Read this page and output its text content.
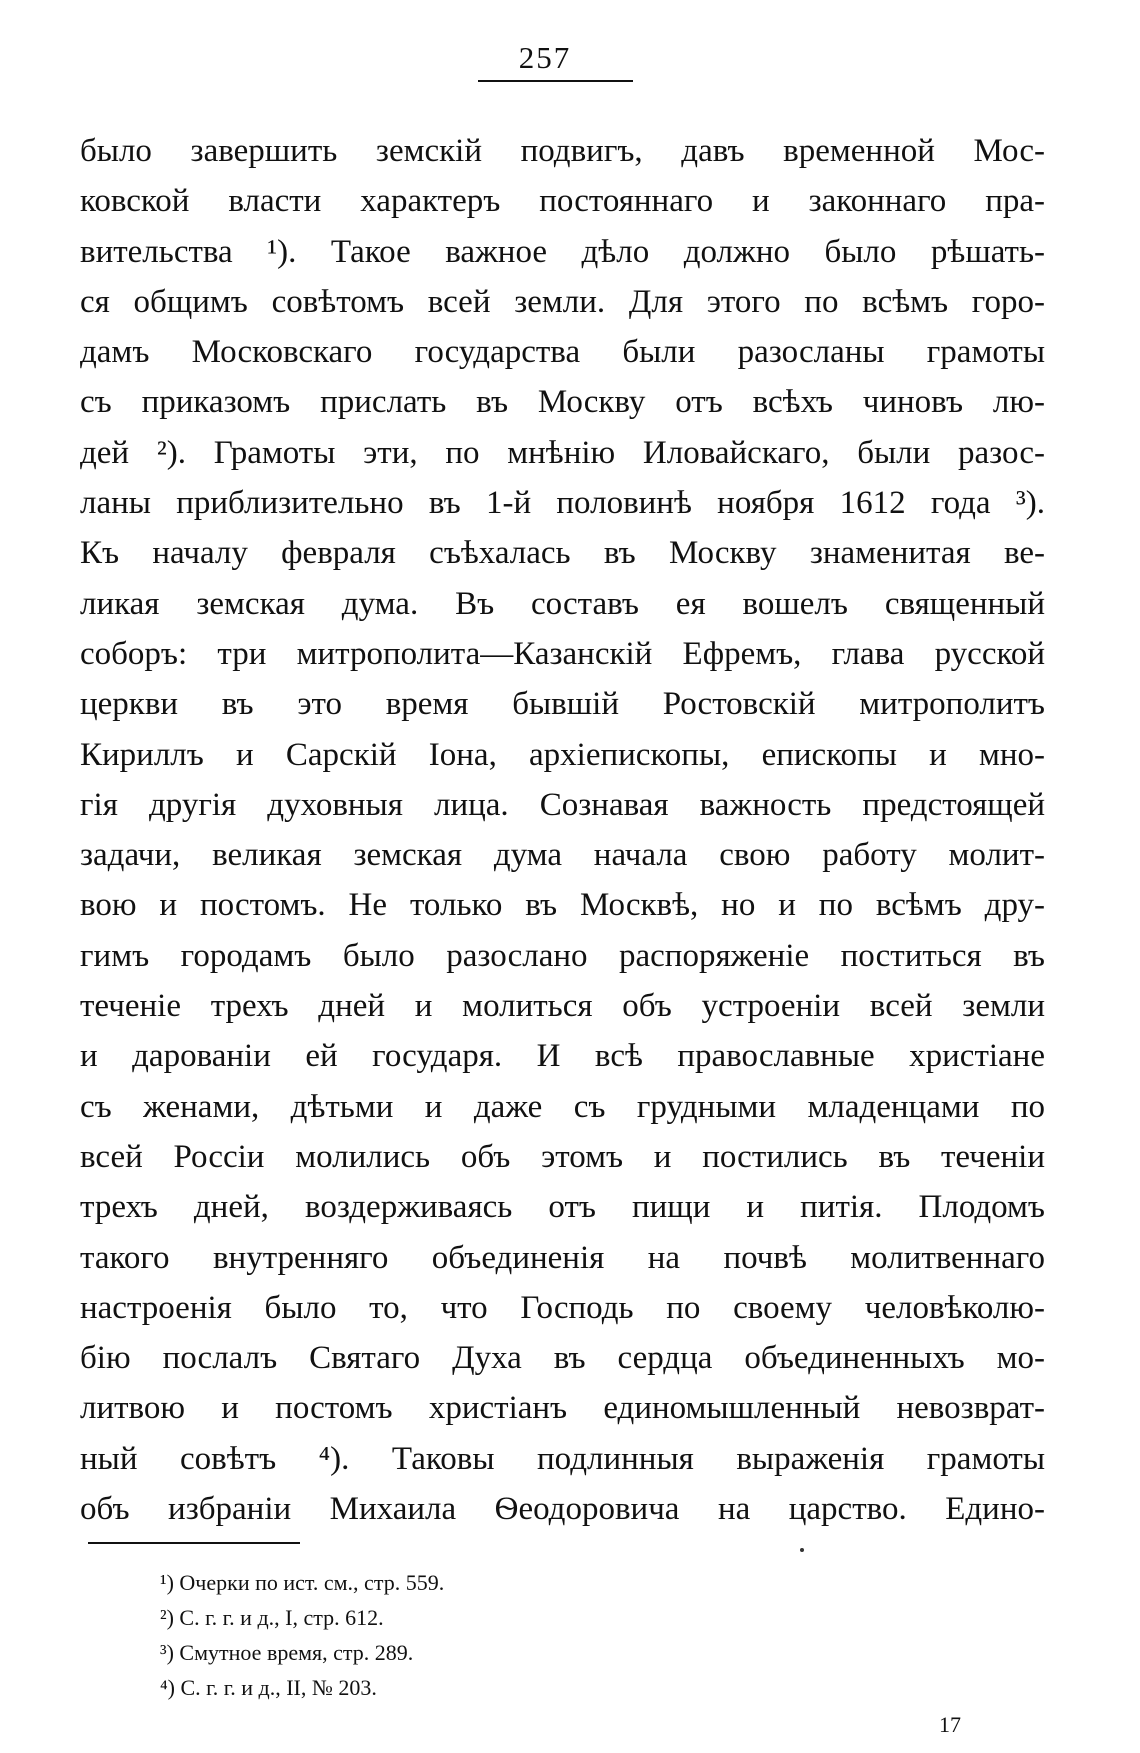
257
было завершить земскій подвигъ, давъ временной Мос-
ковской власти характеръ постояннаго и законнаго пра-
вительства ¹). Такое важное дѣло должно было рѣшать-
ся общимъ совѣтомъ всей земли. Для этого по всѣмъ горо-
дамъ Московскаго государства были разосланы грамоты
съ приказомъ прислать въ Москву отъ всѣхъ чиновъ лю-
дей ²). Грамоты эти, по мнѣнію Иловайскаго, были разос-
ланы приблизительно въ 1-й половинѣ ноября 1612 года ³).
Къ началу февраля съѣхалась въ Москву знаменитая ве-
ликая земская дума. Въ составъ ея вошелъ священный
соборъ: три митрополита—Казанскій Ефремъ, глава русской
церкви въ это время бывшій Ростовскій митрополитъ
Кириллъ и Сарскій Іона, архіепископы, епископы и мно-
гія другія духовныя лица. Сознавая важность предстоящей
задачи, великая земская дума начала свою работу молит-
вою и постомъ. Не только въ Москвѣ, но и по всѣмъ дру-
гимъ городамъ было разослано распоряженіе поститься въ
теченіе трехъ дней и молиться объ устроеніи всей земли
и дарованіи ей государя. И всѣ православные христіане
съ женами, дѣтьми и даже съ грудными младенцами по
всей Россіи молились объ этомъ и постились въ теченіи
трехъ дней, воздерживаясь отъ пищи и питія. Плодомъ
такого внутренняго объединенія на почвѣ молитвеннаго
настроенія было то, что Господь по своему человѣколю-
бію послалъ Святаго Духа въ сердца объединенныхъ мо-
литвою и постомъ христіанъ единомышленный невозврат-
ный совѣтъ ⁴). Таковы подлинныя выраженія грамоты
объ избраніи Михаила Ѳеодоровича на царство. Едино-
¹) Очерки по ист. см., стр. 559.
²) С. г. г. и д., I, стр. 612.
³) Смутное время, стр. 289.
⁴) С. г. г. и д., II, № 203.
17
